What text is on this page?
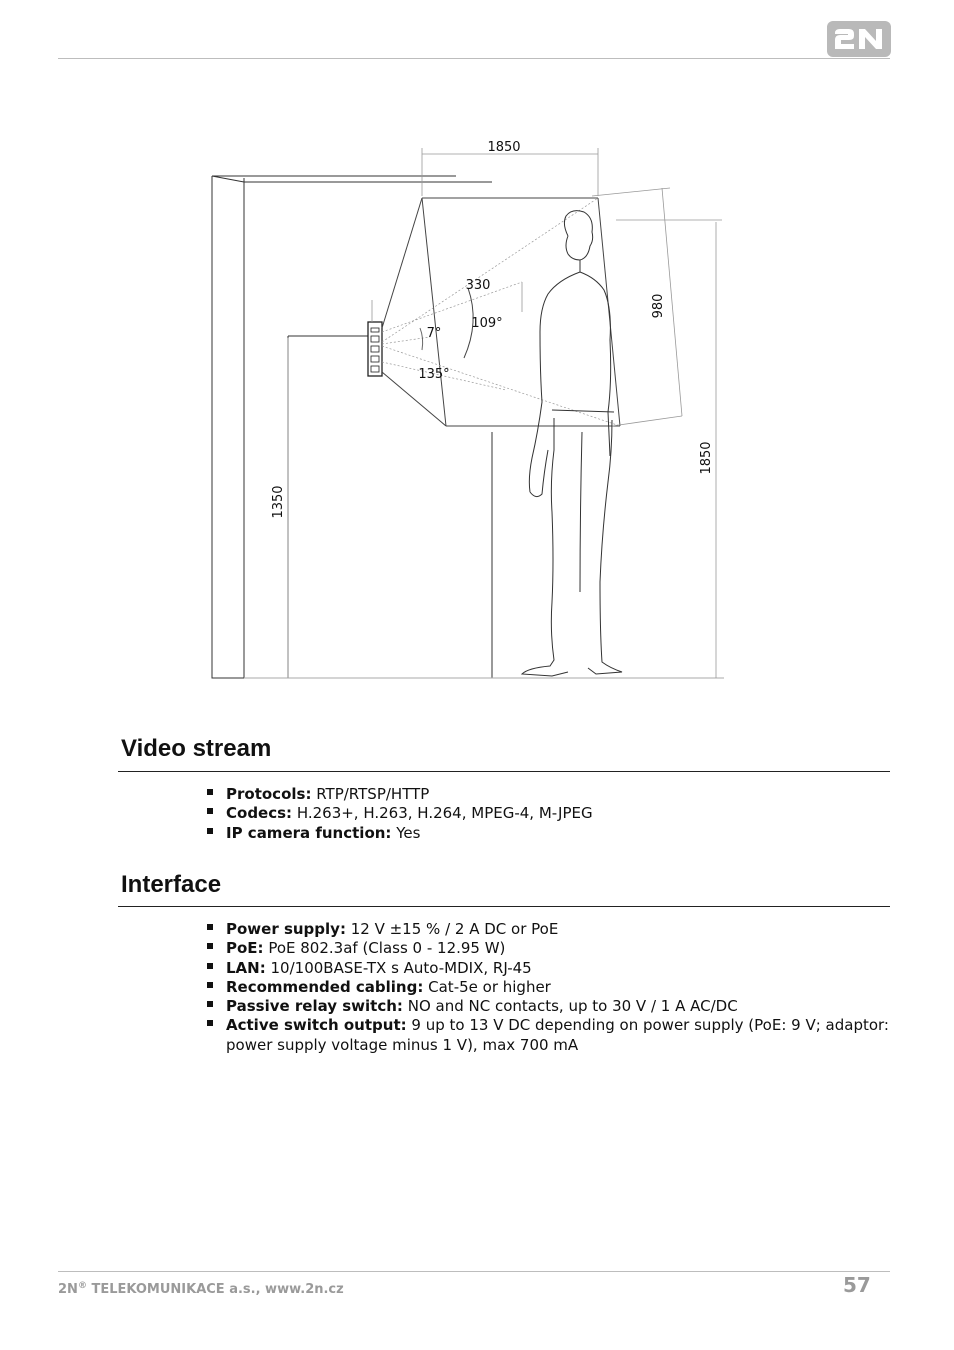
1850
330
109°
7°
135°
1350
980
1850
Video stream
Protocols: RTP/RTSP/HTTP
Codecs: H.263+, H.263, H.264, MPEG-4, M-JPEG
IP camera function: Yes
Interface
Power supply: 12 V ±15 % / 2 A DC or PoE
PoE: PoE 802.3af (Class 0 - 12.95 W)
LAN: 10/100BASE-TX s Auto-MDIX, RJ-45
Recommended cabling: Cat-5e or higher
Passive relay switch: NO and NC contacts, up to 30 V / 1 A AC/DC
Active switch output: 9 up to 13 V DC depending on power supply (PoE: 9 V; adaptor: power supply voltage minus 1 V), max 700 mA
2N® TELEKOMUNIKACE a.s., www.2n.cz	57
